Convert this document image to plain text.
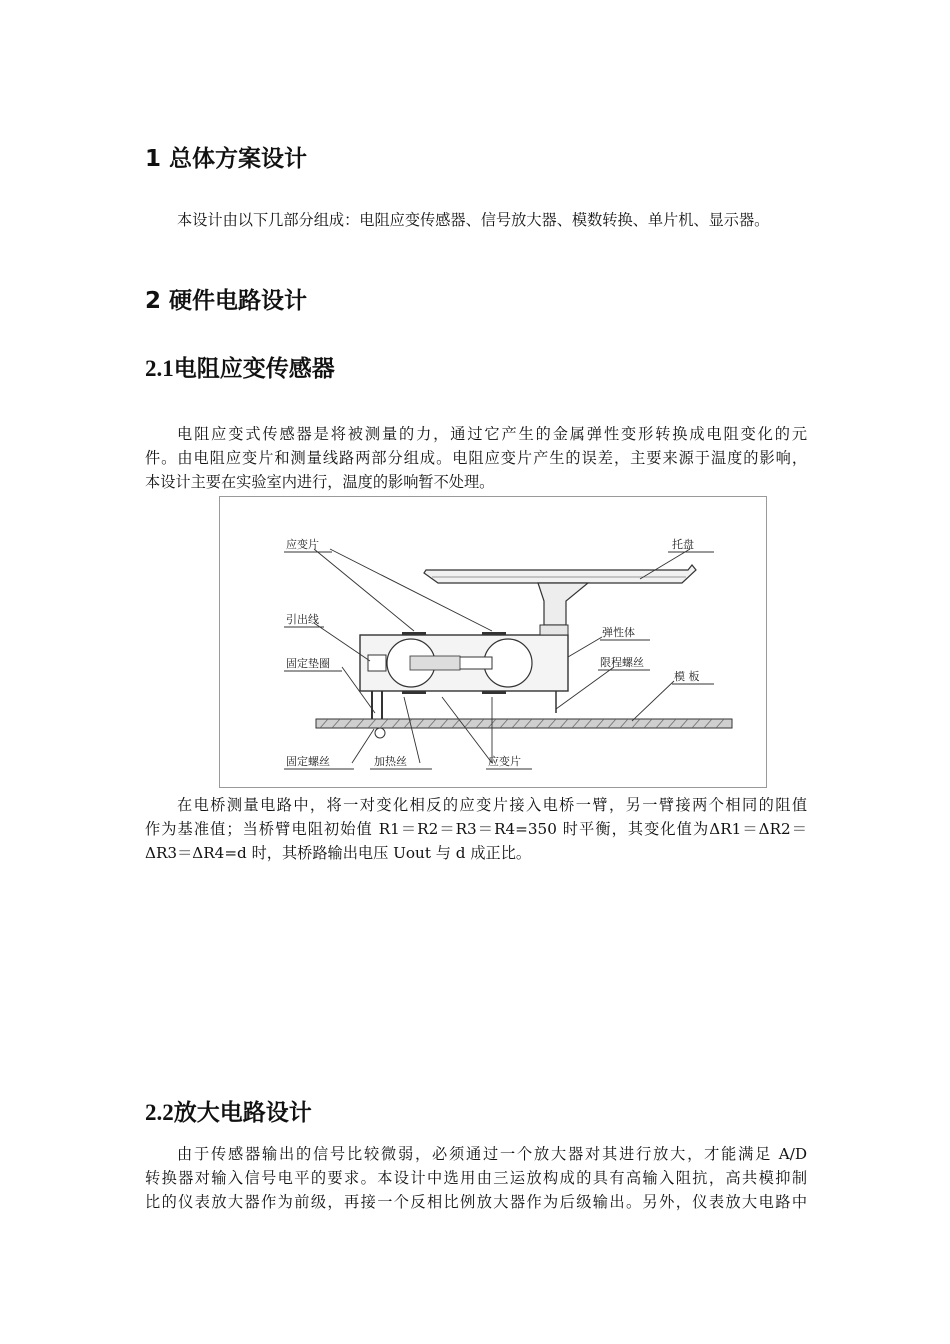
1 总体方案设计

本设计由以下几部分组成：电阻应变传感器、信号放大器、模数转换、单片机、显示器。

2 硬件电路设计
2.1电阻应变传感器

电阻应变式传感器是将被测量的力，通过它产生的金属弹性变形转换成电阻变化的元
件。由电阻应变片和测量线路两部分组成。电阻应变片产生的误差，主要来源于温度的影响，
本设计主要在实验室内进行，温度的影响暂不处理。

应变片	托盘
引出线
弹性体
固定垫圈	限程螺丝
模 板
固定螺丝	加热丝	应变片

在电桥测量电路中，将一对变化相反的应变片接入电桥一臂，另一臂接两个相同的阻值
作为基准值；当桥臂电阻初始值 R1＝R2＝R3＝R4=350 时平衡，其变化值为ΔR1＝ΔR2＝
ΔR3＝ΔR4=d 时，其桥路输出电压 Uout 与 d 成正比。

2.2放大电路设计

由于传感器输出的信号比较微弱，必须通过一个放大器对其进行放大，才能满足 A/D
转换器对输入信号电平的要求。本设计中选用由三运放构成的具有高输入阻抗，高共模抑制
比的仪表放大器作为前级，再接一个反相比例放大器作为后级输出。另外，仪表放大电路中
